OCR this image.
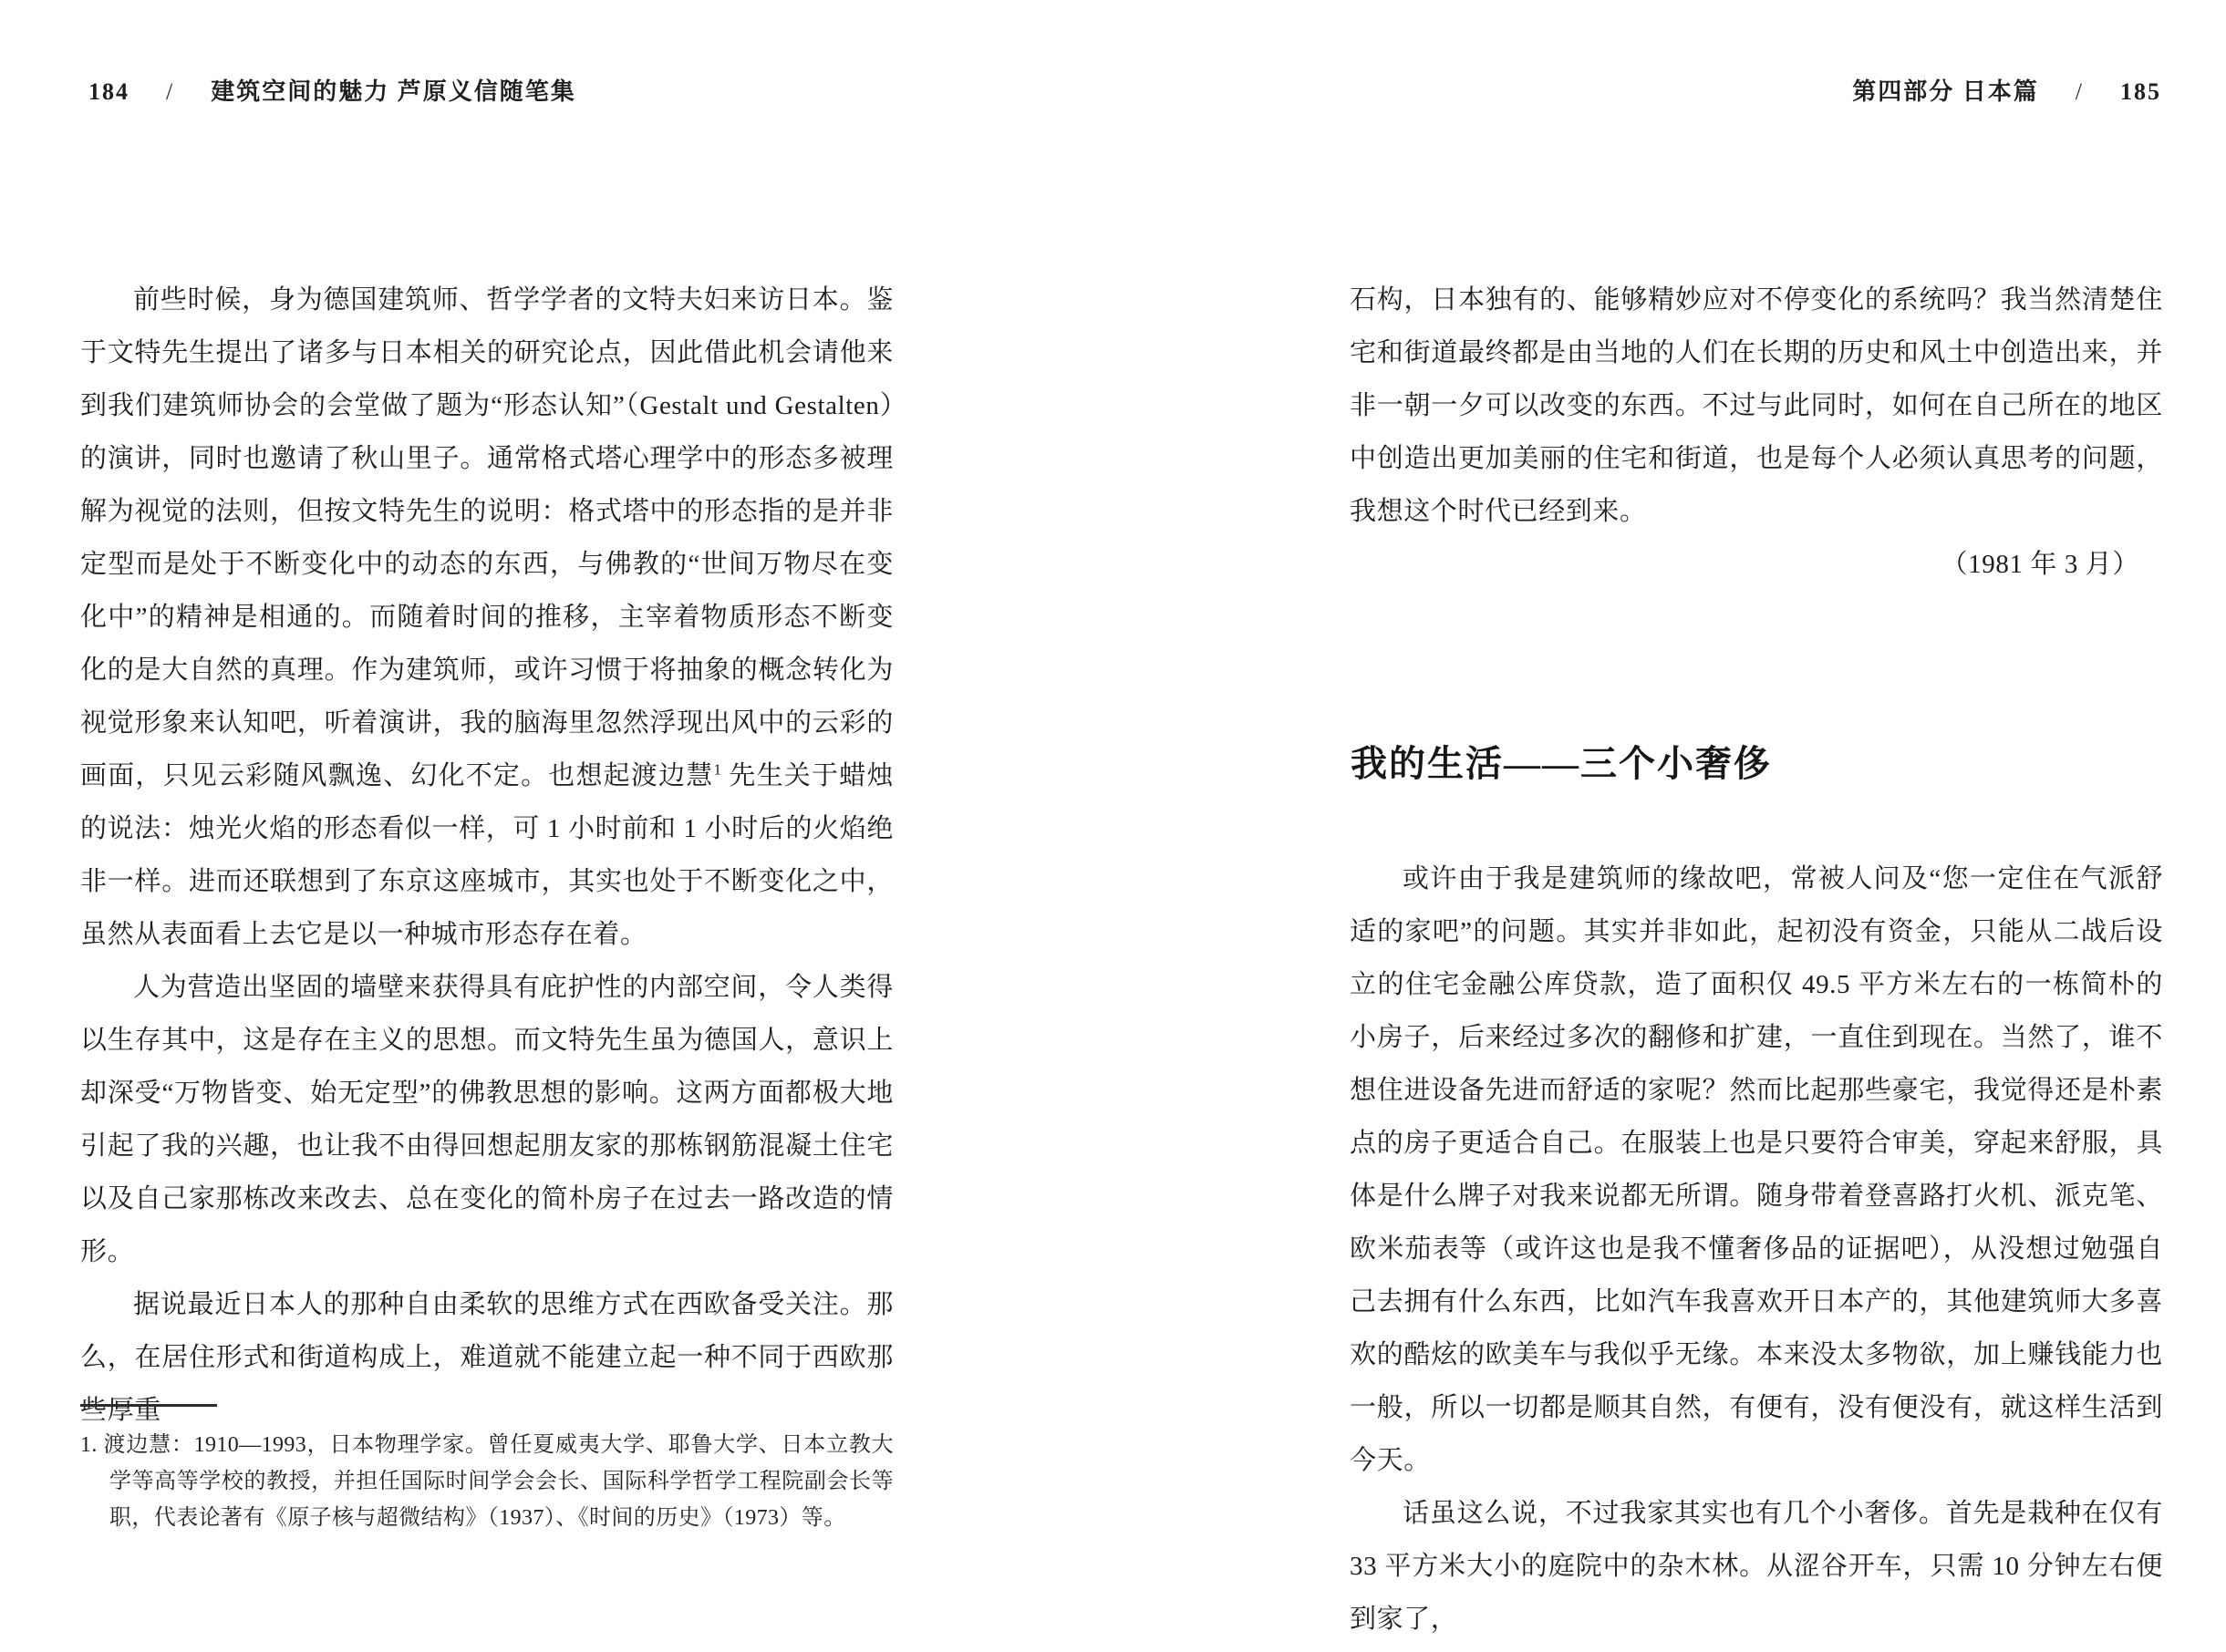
184 / 建筑空间的魅力 芦原义信随笔集	第四部分 日本篇 / 185

前些时候，身为德国建筑师、哲学学者的文特夫妇来访日本。鉴于文特先生提出了诸多与日本相关的研究论点，因此借此机会请他来到我们建筑师协会的会堂做了题为“形态认知”（Gestalt und Gestalten）的演讲，同时也邀请了秋山里子。通常格式塔心理学中的形态多被理解为视觉的法则，但按文特先生的说明：格式塔中的形态指的是并非定型而是处于不断变化中的动态的东西，与佛教的“世间万物尽在变化中”的精神是相通的。而随着时间的推移，主宰着物质形态不断变化的是大自然的真理。作为建筑师，或许习惯于将抽象的概念转化为视觉形象来认知吧，听着演讲，我的脑海里忽然浮现出风中的云彩的画面，只见云彩随风飘逸、幻化不定。也想起渡边慧$^1$ 先生关于蜡烛的说法：烛光火焰的形态看似一样，可 1 小时前和 1 小时后的火焰绝非一样。进而还联想到了东京这座城市，其实也处于不断变化之中，虽然从表面看上去它是以一种城市形态存在着。

人为营造出坚固的墙壁来获得具有庇护性的内部空间，令人类得以生存其中，这是存在主义的思想。而文特先生虽为德国人，意识上却深受“万物皆变、始无定型”的佛教思想的影响。这两方面都极大地引起了我的兴趣，也让我不由得回想起朋友家的那栋钢筋混凝土住宅以及自己家那栋改来改去、总在变化的简朴房子在过去一路改造的情形。

据说最近日本人的那种自由柔软的思维方式在西欧备受关注。那么，在居住形式和街道构成上，难道就不能建立起一种不同于西欧那些厚重

1. 渡边慧：1910—1993，日本物理学家。曾任夏威夷大学、耶鲁大学、日本立教大学等高等学校的教授，并担任国际时间学会会长、国际科学哲学工程院副会长等职，代表论著有《原子核与超微结构》（1937）、《时间的历史》（1973）等。

石构，日本独有的、能够精妙应对不停变化的系统吗？我当然清楚住宅和街道最终都是由当地的人们在长期的历史和风土中创造出来，并非一朝一夕可以改变的东西。不过与此同时，如何在自己所在的地区中创造出更加美丽的住宅和街道，也是每个人必须认真思考的问题，我想这个时代已经到来。

（1981 年 3 月）

我的生活——三个小奢侈

或许由于我是建筑师的缘故吧，常被人问及“您一定住在气派舒适的家吧”的问题。其实并非如此，起初没有资金，只能从二战后设立的住宅金融公库贷款，造了面积仅 49.5 平方米左右的一栋简朴的小房子，后来经过多次的翻修和扩建，一直住到现在。当然了，谁不想住进设备先进而舒适的家呢？然而比起那些豪宅，我觉得还是朴素点的房子更适合自己。在服装上也是只要符合审美，穿起来舒服，具体是什么牌子对我来说都无所谓。随身带着登喜路打火机、派克笔、欧米茄表等（或许这也是我不懂奢侈品的证据吧），从没想过勉强自己去拥有什么东西，比如汽车我喜欢开日本产的，其他建筑师大多喜欢的酷炫的欧美车与我似乎无缘。本来没太多物欲，加上赚钱能力也一般，所以一切都是顺其自然，有便有，没有便没有，就这样生活到今天。

话虽这么说，不过我家其实也有几个小奢侈。首先是栽种在仅有 33 平方米大小的庭院中的杂木林。从涩谷开车，只需 10 分钟左右便到家了，
